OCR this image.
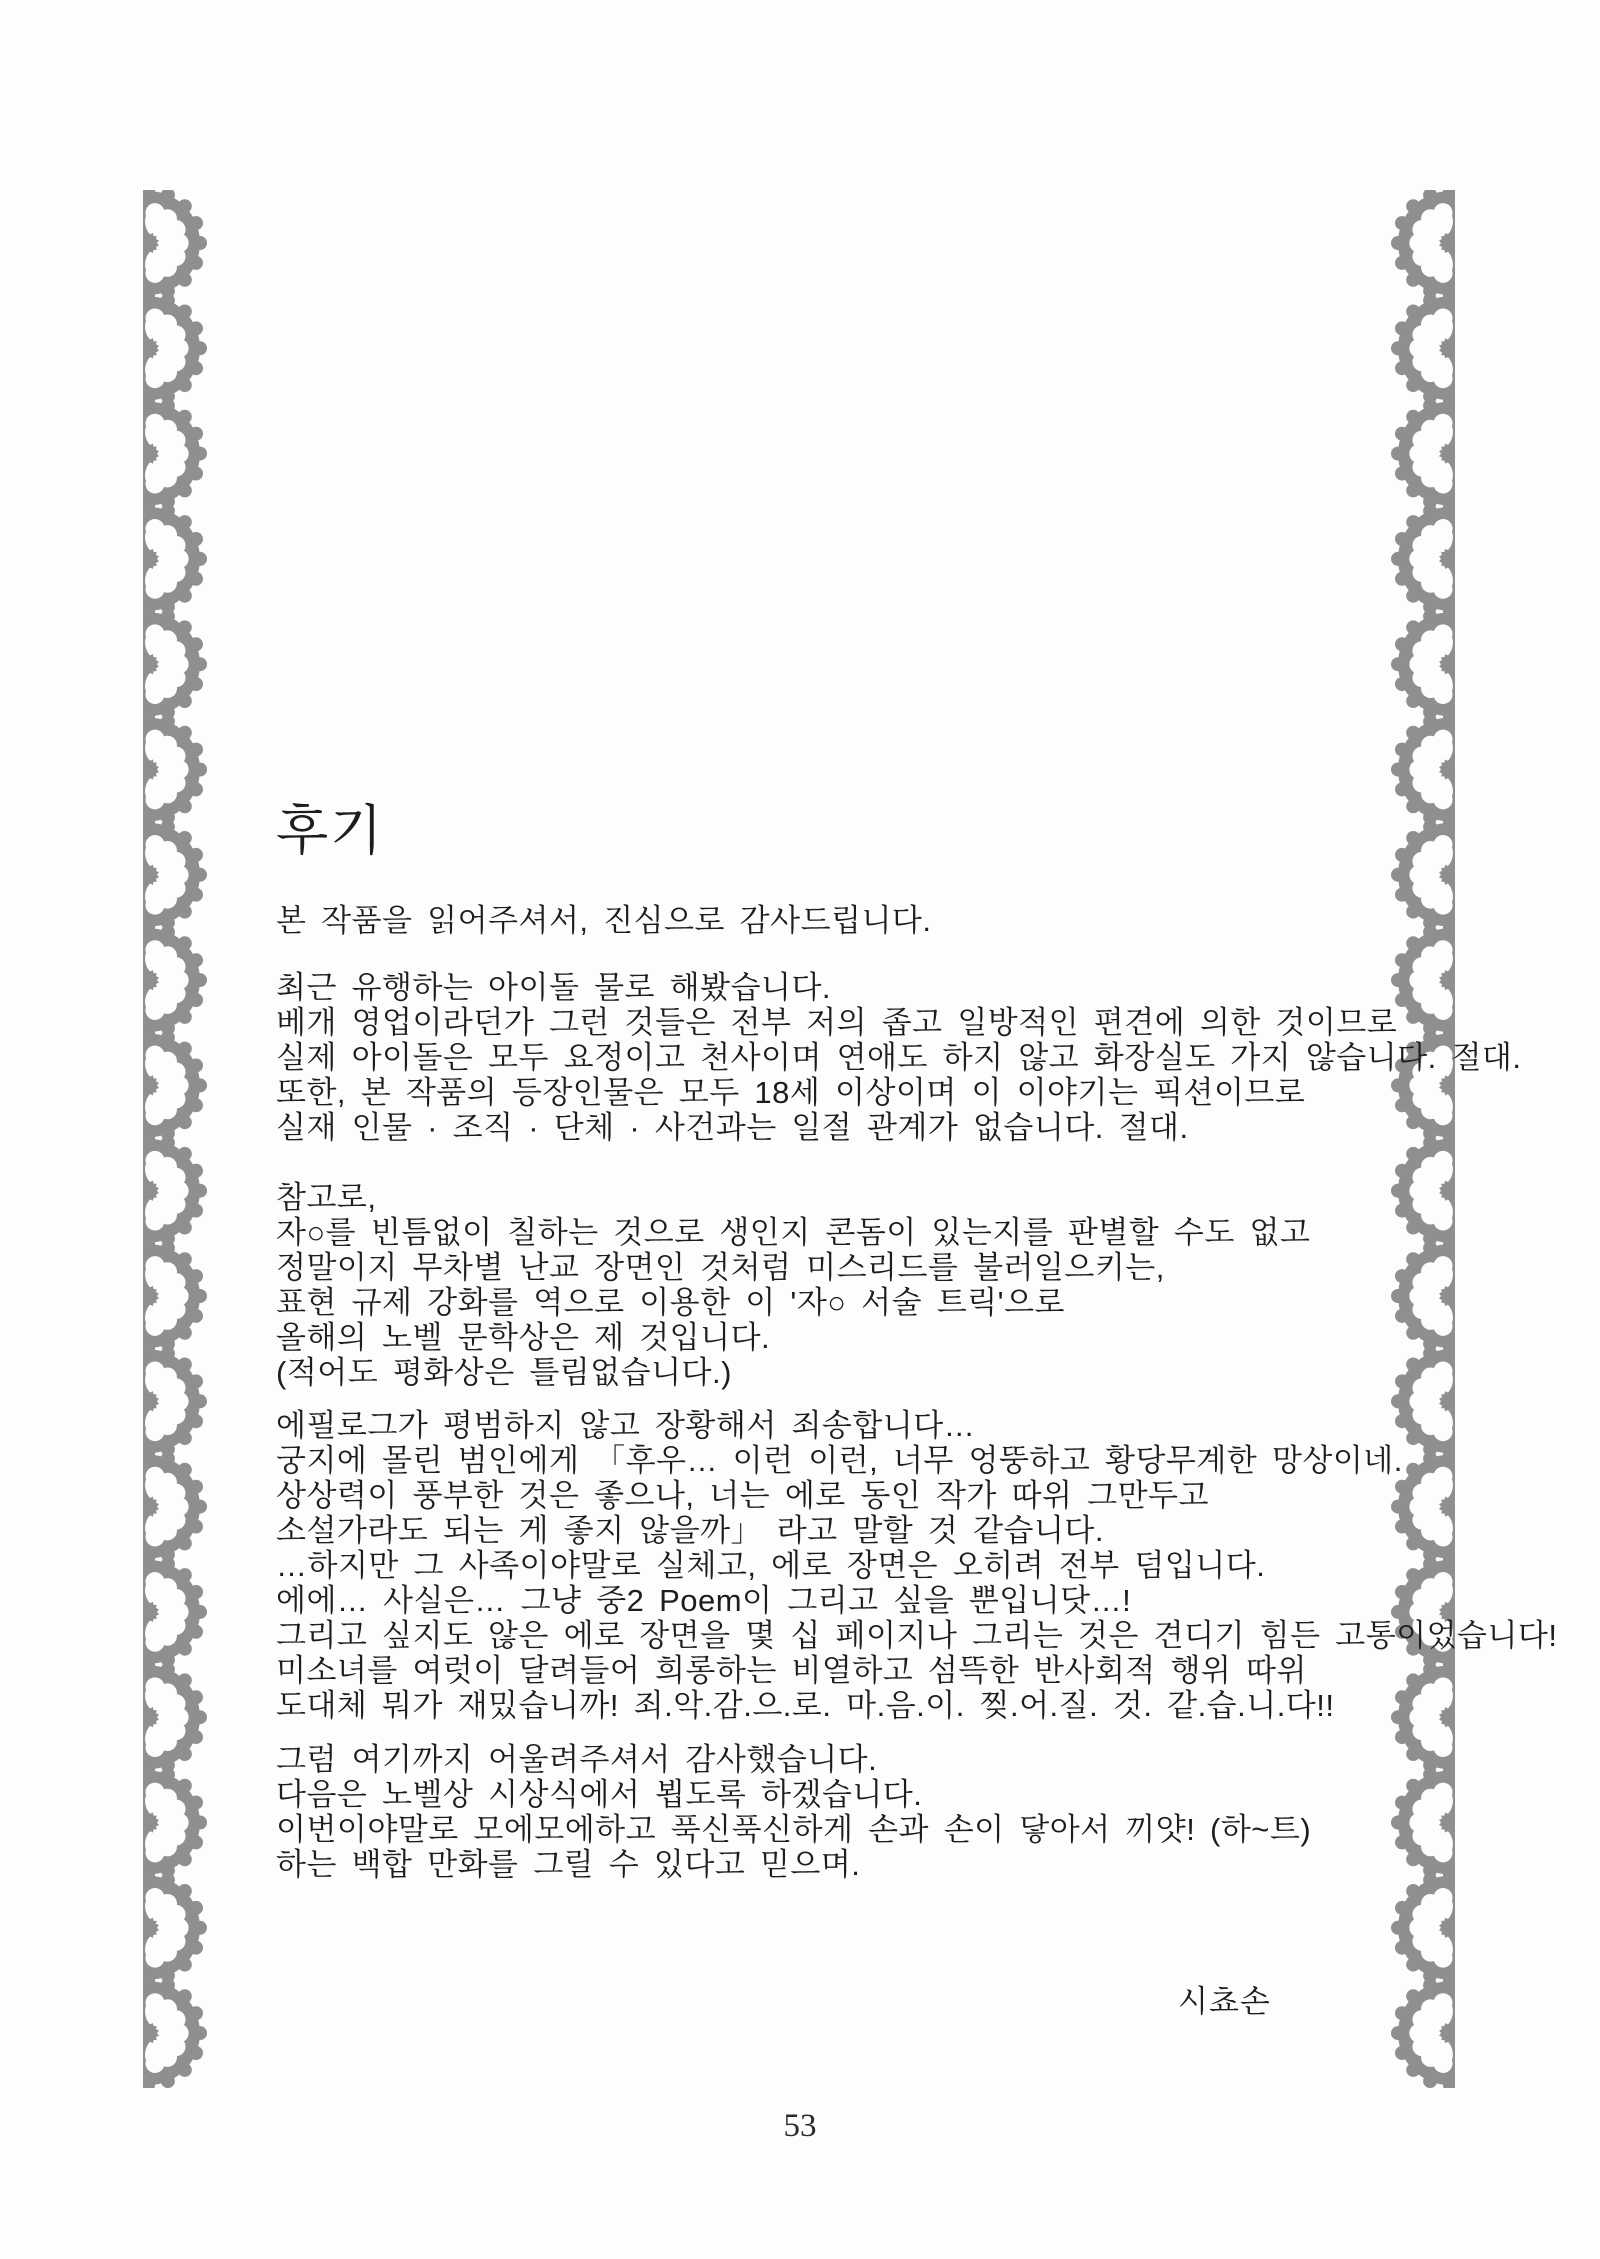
후기
본 작품을 읽어주셔서, 진심으로 감사드립니다.
최근 유행하는 아이돌 물로 해봤습니다.
베개 영업이라던가 그런 것들은 전부 저의 좁고 일방적인 편견에 의한 것이므로
실제 아이돌은 모두 요정이고 천사이며 연애도 하지 않고 화장실도 가지 않습니다. 절대.
또한, 본 작품의 등장인물은 모두 18세 이상이며 이 이야기는 픽션이므로
실재 인물 · 조직 · 단체 · 사건과는 일절 관계가 없습니다. 절대.
참고로,
자○를 빈틈없이 칠하는 것으로 생인지 콘돔이 있는지를 판별할 수도 없고
정말이지 무차별 난교 장면인 것처럼 미스리드를 불러일으키는,
표현 규제 강화를 역으로 이용한 이 '자○ 서술 트릭'으로
올해의 노벨 문학상은 제 것입니다.
(적어도 평화상은 틀림없습니다.)
에필로그가 평범하지 않고 장황해서 죄송합니다…
궁지에 몰린 범인에게 「후우… 이런 이런, 너무 엉뚱하고 황당무계한 망상이네.
상상력이 풍부한 것은 좋으나, 너는 에로 동인 작가 따위 그만두고
소설가라도 되는 게 좋지 않을까」 라고 말할 것 같습니다.
…하지만 그 사족이야말로 실체고, 에로 장면은 오히려 전부 덤입니다.
에에… 사실은… 그냥 중2 Poem이 그리고 싶을 뿐입니닷…!
그리고 싶지도 않은 에로 장면을 몇 십 페이지나 그리는 것은 견디기 힘든 고통이었습니다!
미소녀를 여럿이 달려들어 희롱하는 비열하고 섬뜩한 반사회적 행위 따위
도대체 뭐가 재밌습니까! 죄.악.감.으.로. 마.음.이. 찢.어.질. 것. 같.습.니.다!!
그럼 여기까지 어울려주셔서 감사했습니다.
다음은 노벨상 시상식에서 뵙도록 하겠습니다.
이번이야말로 모에모에하고 푹신푹신하게 손과 손이 닿아서 끼얏! (하~트)
하는 백합 만화를 그릴 수 있다고 믿으며.
시쵸손
53
